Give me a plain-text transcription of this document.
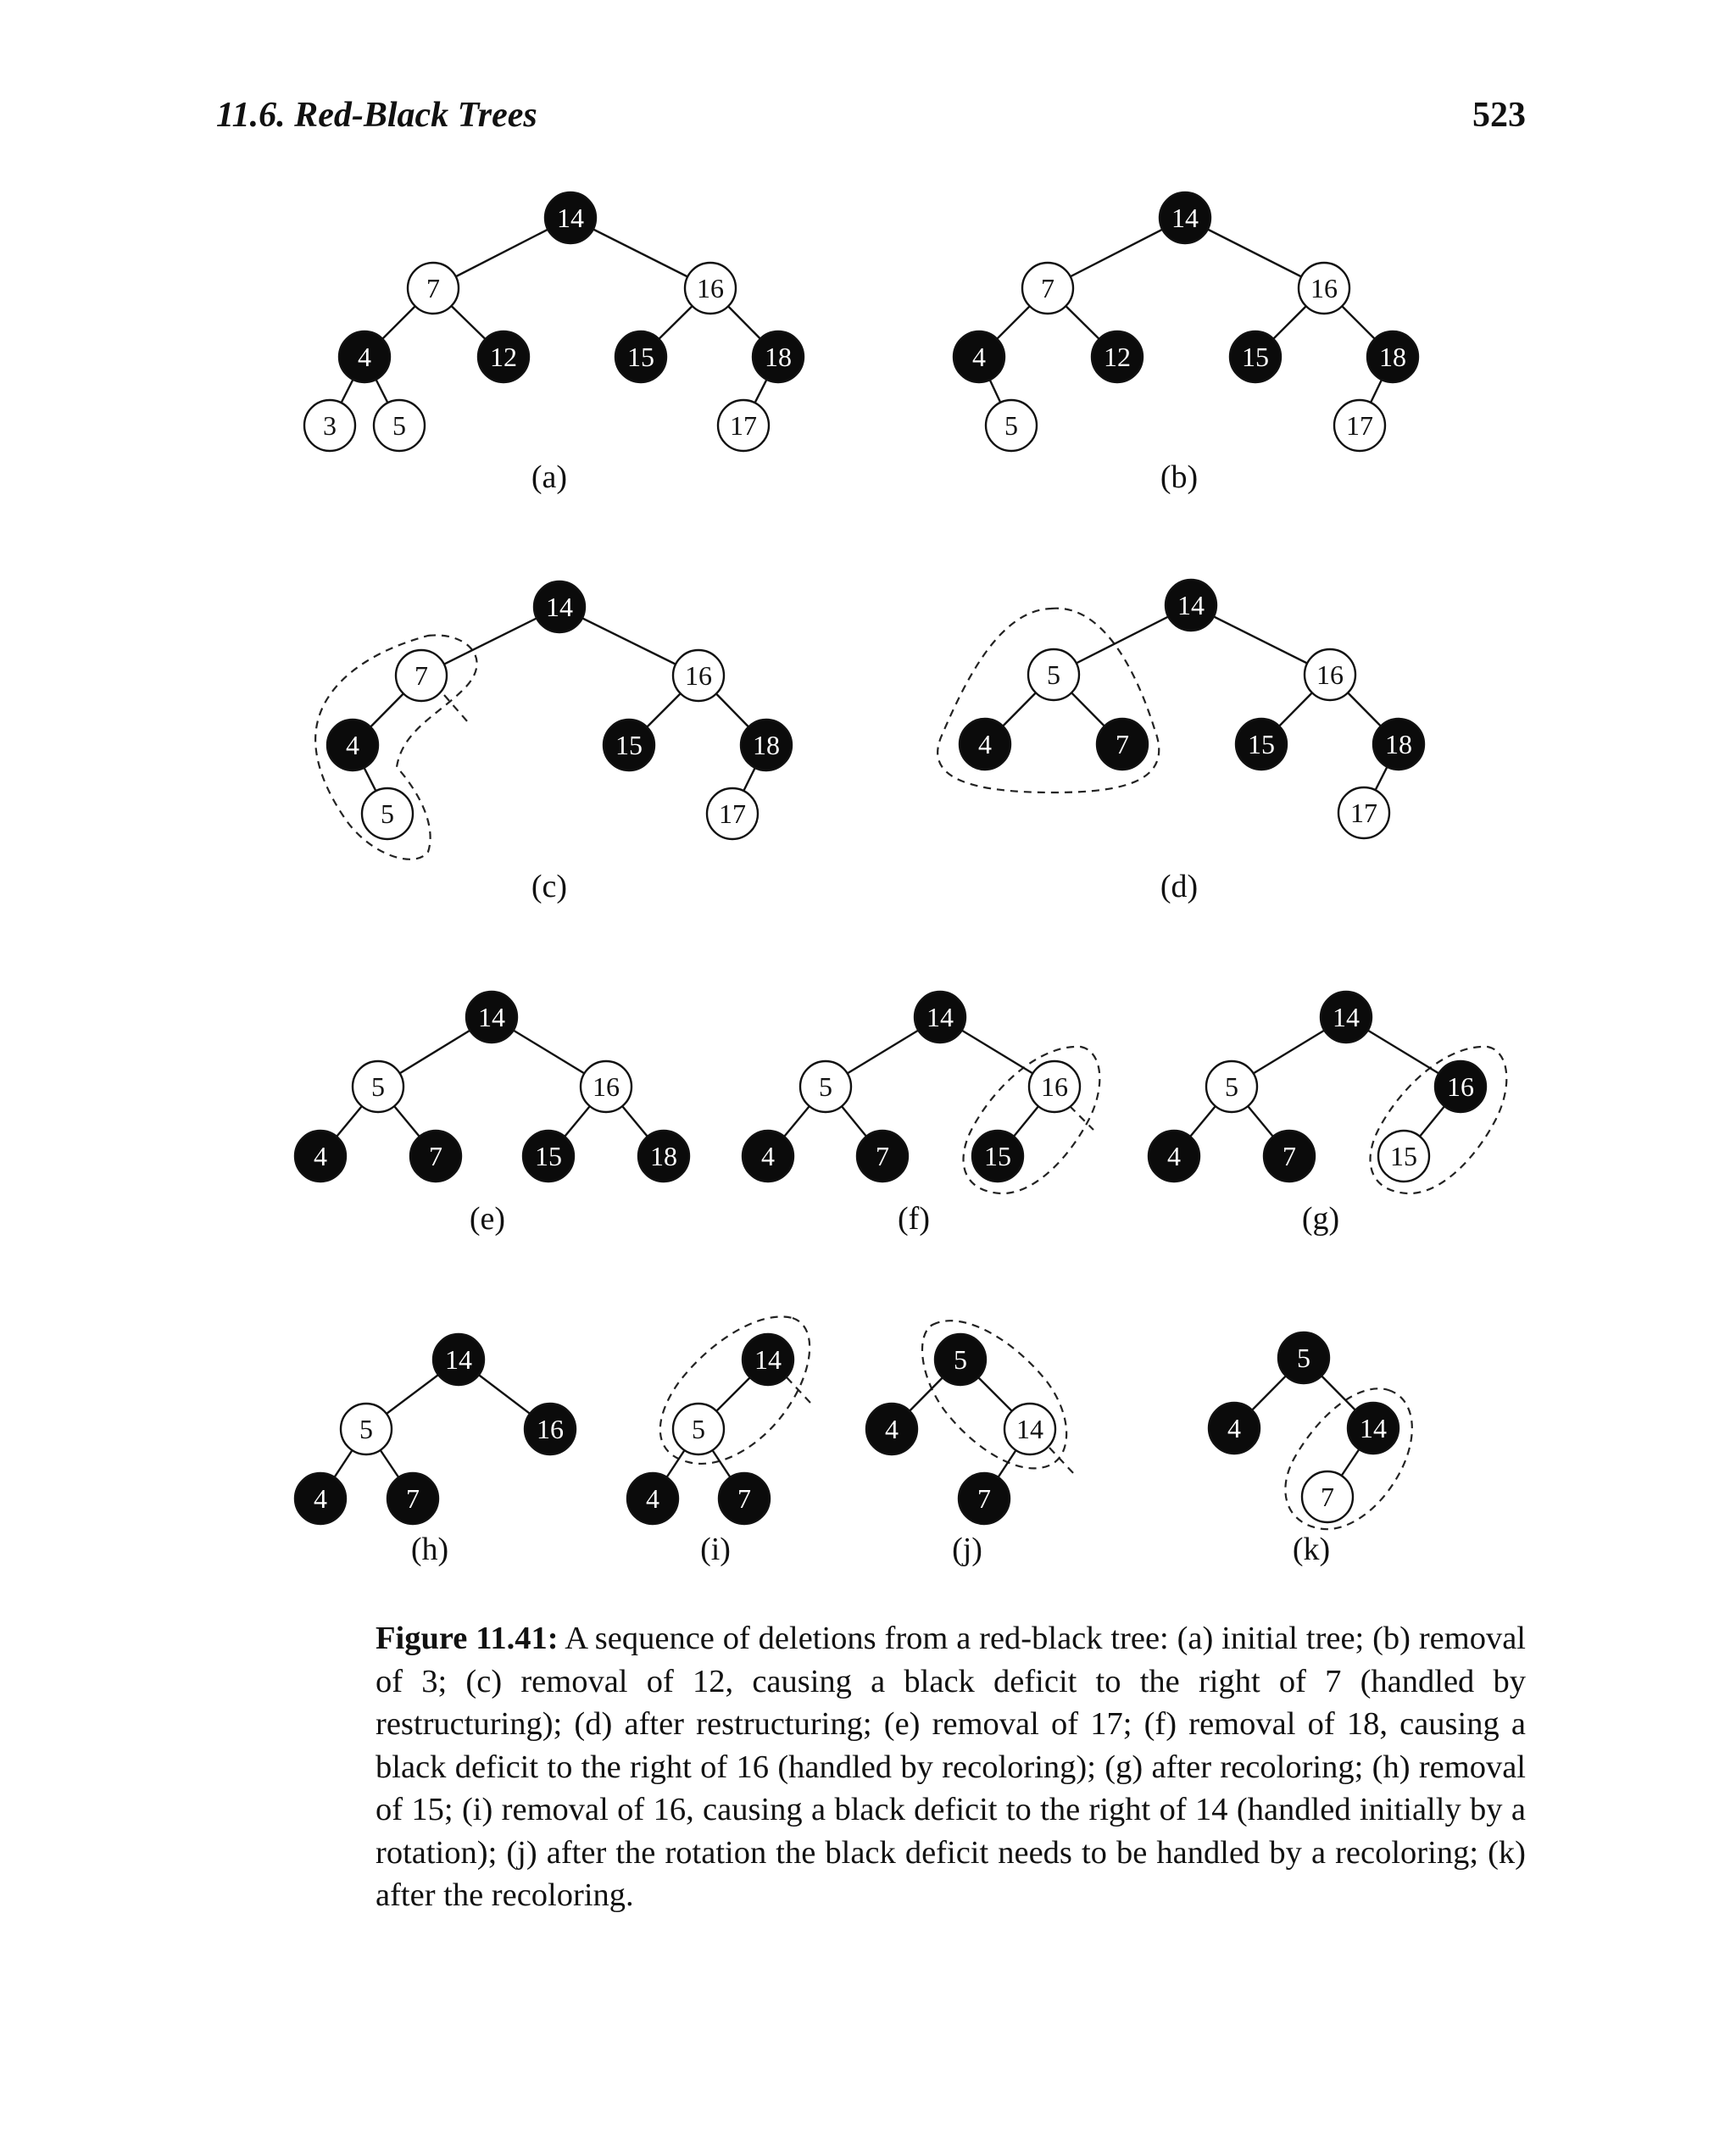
11.6. Red-Black Trees	523
14
7	16
4	12	15	18
3 5	17
(a)
14
7	16
4	12	15	18
5	17
(b)
14
7	16
4	15	18
5	17
(c)
14
5	16
4	7	15	18
17
(d)
14
5	16
4	7	15	18
(e)
14
5	16
4	7	15
(f)
14
5	16
4	7	15
(g)
14
5	16
4	7
(h)
14
5
4	7
(i)
5
4	14
7
(j)
5
4	14
7
(k)
Figure 11.41: A sequence of deletions from a red-black tree: (a) initial tree; (b) removal of 3; (c) removal of 12, causing a black deficit to the right of 7 (handled by restructuring); (d) after restructuring; (e) removal of 17; (f) removal of 18, causing a black deficit to the right of 16 (handled by recoloring); (g) after recoloring; (h) removal of 15; (i) removal of 16, causing a black deficit to the right of 14 (handled initially by a rotation); (j) after the rotation the black deficit needs to be handled by a recoloring; (k) after the recoloring.
